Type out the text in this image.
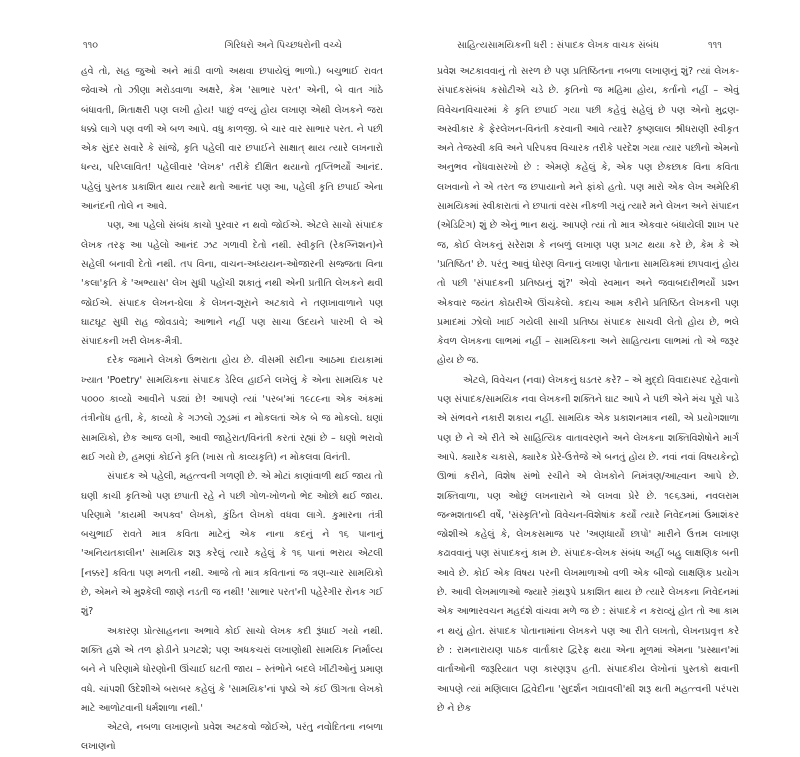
૧૧૦	ગિરિધરો અને પિચ્છધરોની વચ્ચે

હવે તો, સહ જુઓ અને માંડી વાળો અથવા છપાયેલું ભાળો.) બચુભાઈ રાવત જેવાએ તો ઝીણા મરોડવાળા અક્ષરે, કેમ 'સાભાર પરત' એની, બે વાત ગાંઠે બંધાવતી, મિતાક્ષરી પણ લખી હોય! પાછું વળ્યું હોય લખાણ એથી લેખકને જરા ધક્કો લાગે પણ વળી એ બળ આપે. વધુ કાળજી. બે ચાર વાર સાભાર પરત. ને પછી એક સુંદર સવારે કે સાંજે, કૃતિ પહેલી વાર છપાઈને સાક્ષાત્ થાય ત્યારે લખનારો ધન્ય, પરિપ્લાવિત! પહેલીવાર 'લેખક' તરીકે દીક્ષિત થયાનો તૃપ્તિભર્યો આનંદ. પહેલું પુસ્તક પ્રકાશિત થાય ત્યારે થતો આનંદ પણ આ, પહેલી કૃતિ છપાઈ એના આનંદની તોલે ન આવે.

પણ, આ પહેલો સંબંધ કાચો પુરવાર ન થવો જોઈએ. એટલે સાચો સંપાદક લેખક તરફ આ પહેલો આનંદ ઝટ ગળાવી દેતો નથી. સ્વીકૃતિ (રેકગ્નિશન)ને સહેલી બનાવી દેતો નથી. તપ વિના, વાચન-અધ્યયન-ઓજારની સજ્જતા વિના 'કલા'કૃતિ કે 'અભ્યાસ' લેખ સુધી પહોંચી શકાતું નથી એની પ્રતીતિ લેખકને થવી જોઈએ. સંપાદક લેખન-ઘેલા કે લેખન-શૂરાને અટકાવે ને તણખાવાળાને પણ ઘાટઘૂટ સુધી રાહ જોવડાવે; આભાને નહીં પણ સાચા ઉદયને પારખી લે એ સંપાદકની ખરી લેખક-મૈત્રી.

દરેક જમાને લેખકો ઉભરાતા હોય છે. વીસમી સદીના આઠમા દાયકામાં ખ્યાત 'Poetry' સામયિકના સંપાદક ડેરિલ હાઈને લખેલું કે એના સામયિક પર ૫૦૦૦ કાવ્યો આવીને પડ્યાં છે! આપણે ત્યાં 'પરબ'માં ૧૯૮૯ના એક અંકમાં તંત્રીનોંધ હતી, કે, કાવ્યો કે ગઝલો ઝૂડમાં ન મોકલતાં એક બે જ મોકલો. ઘણાં સામયિકો, છેક આજ લગી, આવી જાહેરાત/વિનંતી કરતાં રહ્યાં છે – ઘણો ભરાવો થઈ ગયો છે, હમણાં કોઈને કૃતિ (ખાસ તો કાવ્યકૃતિ) ન મોકલવા વિનંતી.

સંપાદક એ પહેલી, મહત્ત્વની ગળણી છે. એ મોટાં કાણાંવાળી થઈ જાય તો ઘણી કાચી કૃતિઓ પણ છપાતી રહે ને પછી ગોળ-ખોળનો ભેદ ઓછો થઈ જાય. પરિણામે 'કાયમી અપક્વ' લેખકો, કુંઠિત લેખકો વધવા લાગે. કુમારના તંત્રી બચુભાઈ રાવતે માત્ર કવિતા માટેનું એક નાના કદનું ને ૧૬ પાનાનું 'અનિયતકાલીન' સામયિક શરૂ કરેલું ત્યારે કહેલું કે ૧૬ પાનાં ભરાય એટલી [નક્કર] કવિતા પણ મળતી નથી. આજે તો માત્ર કવિતાનાં જ ત્રણ-ચાર સામયિકો છે, એમને એ મુશ્કેલી જાણે નડતી જ નથી! 'સાભાર પરત'ની પહેરેગીર રોનક ગઈ શું?

અકારણ પ્રોત્સાહનના અભાવે કોઈ સાચો લેખક કદી રૂંધાઈ ગયો નથી. શક્તિ હશે એ તળ ફોડીને પ્રગટશે; પણ અધકચરાં લખાણોથી સામયિક નિર્માલ્ય બને ને પરિણામે ધોરણોની ઊંચાઈ ઘટતી જાય – સ્તંભોને બદલે ખીંટીઓનું પ્રમાણ વધે. ચાંપશી ઉદેશીએ બરાબર કહેલું કે 'સામયિક'નાં પૃષ્ઠો એ કંઈ ઊગતા લેખકો માટે આળોટવાની ધર્મશાળા નથી.'

એટલે, નબળા લખાણનો પ્રવેશ અટકવો જોઈએ, પરંતુ નવોદિતના નબળા લખાણનો

સાહિત્યસામયિકની ધરી : સંપાદક લેખક વાચક સંબંધ	૧૧૧

પ્રવેશ અટકાવવાનું તો સરળ છે પણ પ્રતિષ્ઠિતના નબળા લખાણનું શું? ત્યાં લેખક-સંપાદકસંબંધ કસોટીએ ચડે છે. કૃતિનો જ મહિમા હોય, કર્તાનો નહીં – એવું વિવેચનવિચારમાં કે કૃતિ છપાઈ ગયા પછી કહેવું સહેલું છે પણ એનો મુદ્રણ-અસ્વીકાર કે ફેરલેખન-વિનંતી કરવાની આવે ત્યારે? કૃષ્ણલાલ શ્રીધરાણી સ્વીકૃત અને તેજસ્વી કવિ અને પરિપક્વ વિચારક તરીકે પરદેશ ગયા ત્યાર પછીનો એમનો અનુભવ નોંધવાસરખો છે : એમણે કહેલું કે, એક પણ છેકછાક વિના કવિતા લખવાનો ને એ તરત જ છપાયાનો મને ફાંકો હતો. પણ મારો એક લેખ અમેરિકી સામયિકમાં સ્વીકારાતાં ને છપાતાં વરસ નીકળી ગયું ત્યારે મને લેખન અને સંપાદન (એડિટિંગ) શું છે એનું ભાન થયું. આપણે ત્યાં તો માત્ર એકવાર બંધાયેલી શાખ પર જ, કોઈ લેખકનું સરેરાશ કે નબળું લખાણ પણ પ્રગટ થયા કરે છે, કેમ કે એ 'પ્રતિષ્ઠિત' છે. પરંતુ આવું ધોરણ વિનાનું લખાણ પોતાના સામયિકમાં છાપવાનું હોય તો પછી 'સંપાદકની પ્રતિષ્ઠાનું શું?' એવો સ્વમાન અને જવાબદારીભર્યો પ્રશ્ન એકવાર જયંત કોઠારીએ ઊંચકેલો. કદાચ આમ કરીને પ્રતિષ્ઠિત લેખકની પણ પ્રમાદમાં ઝોલો ખાઈ ગયેલી સાચી પ્રતિષ્ઠા સંપાદક સાચવી લેતો હોય છે, ભલે કેવળ લેખકના લાભમાં નહીં – સામયિકના અને સાહિત્યના લાભમાં તો એ જરૂર હોય છે જ.

એટલે, વિવેચન (નવા) લેખકનું ઘડતર કરે? – એ મુદ્દો વિવાદાસ્પદ રહેવાનો પણ સંપાદક/સામયિક નવા લેખકની શક્તિને ઘાટ આપે ને પછી એને મંચ પૂરો પાડે એ સંભવને નકારી શકાય નહીં. સામયિક એક પ્રકાશનમાત્ર નથી, એ પ્રયોગશાળા પણ છે ને એ રીતે એ સાહિત્યિક વાતાવરણને અને લેખકના શક્તિવિશેષોને માર્ગ આપે. ક્યારેક ચકાસે, ક્યારેક પ્રેરે-ઉત્તેજે એ બનતું હોય છે. નવાં નવાં વિષયકેન્દ્રો ઊભાં કરીને, વિશેષ સંભો રચીને એ લેખકોને નિમંત્રણ/આહ્વાન આપે છે. શક્તિવાળા, પણ ઓછું લખનારાને એ લખવા પ્રેરે છે. ૧૯૬૩માં, નવલરામ જન્મશતાબ્દી વર્ષે, 'સંસ્કૃતિ'નો વિવેચન-વિશેષાંક કર્યો ત્યારે નિવેદનમાં ઉમાશંકર જોશીએ કહેલું કે, લેખકસમાજ પર 'અણધાર્યો છાપો' મારીને ઉત્તમ લખાણ કઢાવવાનું પણ સંપાદકનું કામ છે. સંપાદક-લેખક સંબંધ અહીં બહુ લાક્ષણિક બની આવે છે. કોઈ એક વિષય પરની લેખમાળાઓ વળી એક બીજો લાક્ષણિક પ્રયોગ છે. આવી લેખમાળાઓ જ્યારે ગ્રંથરૂપે પ્રકાશિત થાય છે ત્યારે લેખકના નિવેદનમાં એક આભારવચન મહદંશે વાંચવા મળે જ છે : સંપાદકે ન કરાવ્યું હોત તો આ કામ ન થયું હોત. સંપાદક પોતાનામાંના લેખકને પણ આ રીતે લખતો, લેખનપ્રવૃત્ત કરે છે : રામનારાયણ પાઠક વાર્તાકાર દ્વિરેફ થયા એના મૂળમાં એમના 'પ્રસ્થાન'માં વાર્તાઓની જરૂરિયાત પણ કારણરૂપ હતી. સંપાદકીય લેખોનાં પુસ્તકો થવાની આપણે ત્યાં મણિલાલ દ્વિવેદીના 'સુદર્શન ગદ્યાવલી'થી શરૂ થતી મહત્ત્વની પરંપરા છે ને છેક
